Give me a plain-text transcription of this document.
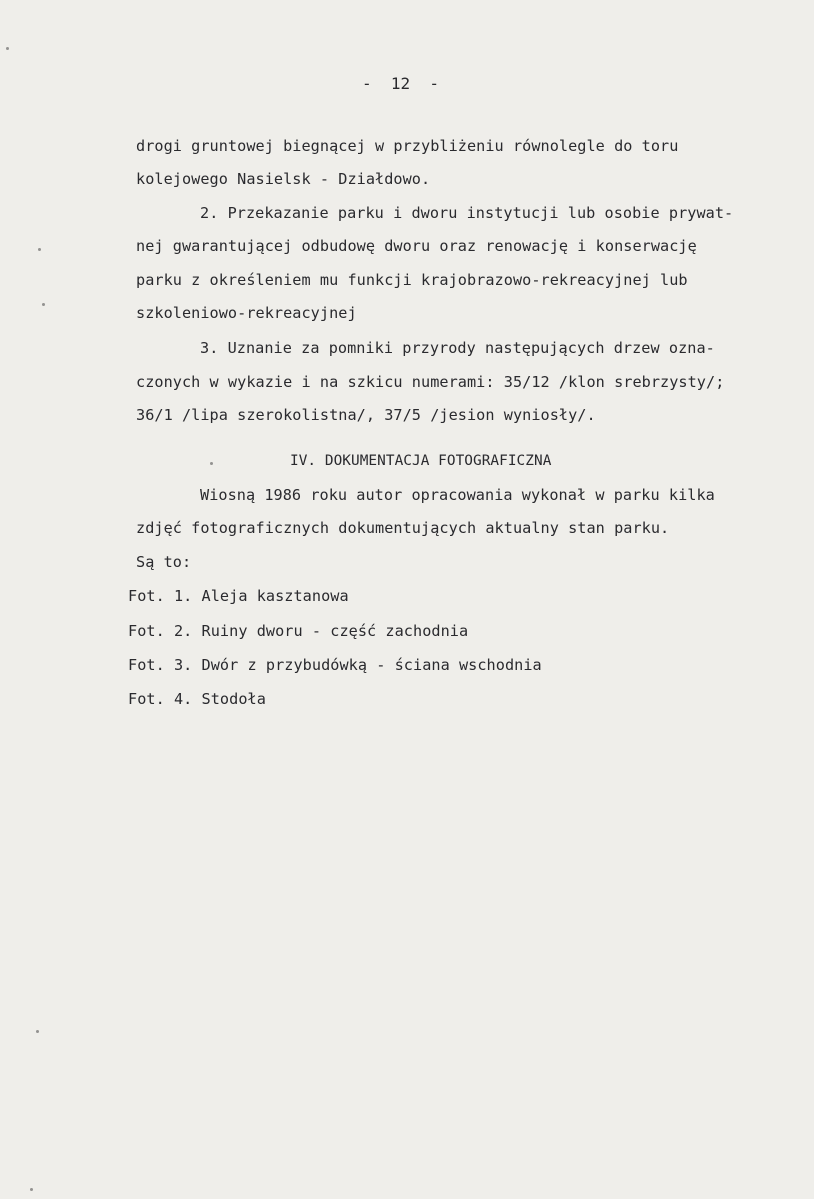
-  12  -
drogi gruntowej biegnącej w przybliżeniu równolegle do toru
kolejowego Nasielsk - Działdowo.
2. Przekazanie parku i dworu instytucji lub osobie prywat-
nej gwarantującej odbudowę dworu oraz renowację i konserwację
parku z określeniem mu funkcji krajobrazowo-rekreacyjnej lub
szkoleniowo-rekreacyjnej
3. Uznanie za pomniki przyrody następujących drzew ozna-
czonych w wykazie i na szkicu numerami: 35/12 /klon srebrzysty/;
36/1 /lipa szerokolistna/, 37/5 /jesion wyniosły/.
IV. DOKUMENTACJA FOTOGRAFICZNA
Wiosną 1986 roku autor opracowania wykonał w parku kilka
zdjęć fotograficznych dokumentujących aktualny stan parku.
Są to:
Fot. 1. Aleja kasztanowa
Fot. 2. Ruiny dworu - część zachodnia
Fot. 3. Dwór z przybudówką - ściana wschodnia
Fot. 4. Stodoła
